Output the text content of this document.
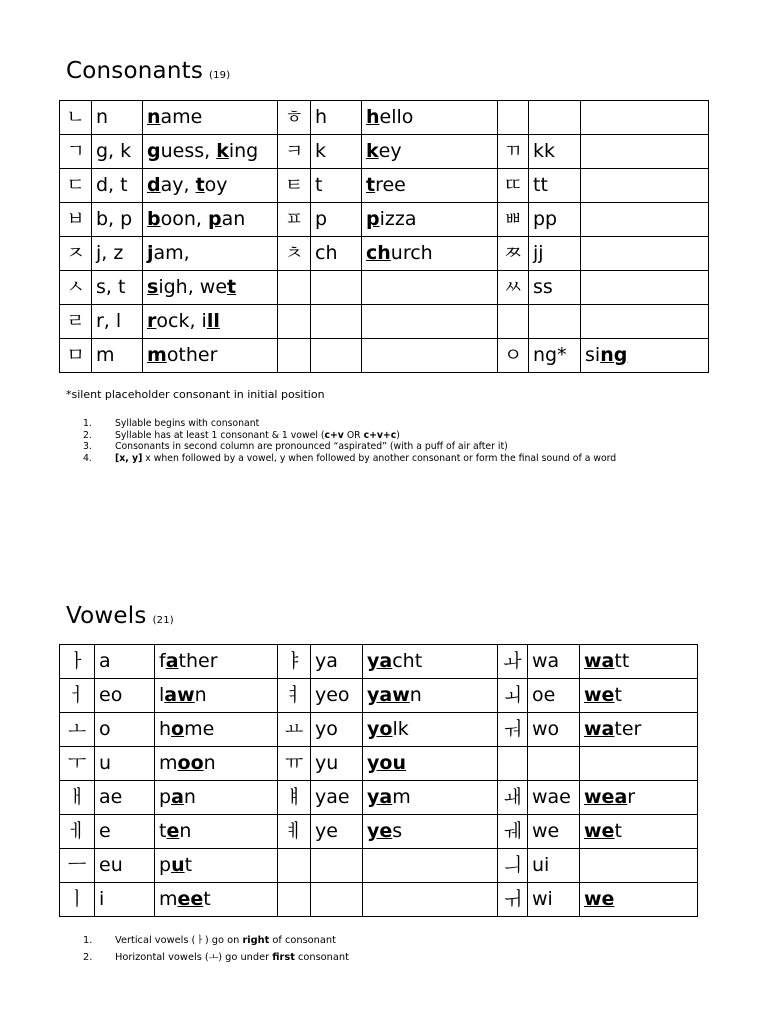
Consonants (19)
ㄴ	n	name	ㅎ	h	hello			
ㄱ	g, k	guess, king	ㅋ	k	key	ㄲ	kk	
ㄷ	d, t	day, toy	ㅌ	t	tree	ㄸ	tt	
ㅂ	b, p	boon, pan	ㅍ	p	pizza	ㅃ	pp	
ㅈ	j, z	jam,	ㅊ	ch	church	ㅉ	jj	
ㅅ	s, t	sigh, wet				ㅆ	ss	
ㄹ	r, l	rock, ill						
ㅁ	m	mother				ㅇ	ng*	sing
*silent placeholder consonant in initial position
1. Syllable begins with consonant
2. Syllable has at least 1 consonant & 1 vowel (c+v OR c+v+c)
3. Consonants in second column are pronounced “aspirated” (with a puff of air after it)
4. [x, y] x when followed by a vowel, y when followed by another consonant or form the final sound of a word
Vowels (21)
ㅏ	a	father	ㅑ	ya	yacht	ㅘ	wa	watt
ㅓ	eo	lawn	ㅕ	yeo	yawn	ㅚ	oe	wet
ㅗ	o	home	ㅛ	yo	yolk	ㅝ	wo	water
ㅜ	u	moon	ㅠ	yu	you			
ㅐ	ae	pan	ㅒ	yae	yam	ㅙ	wae	wear
ㅔ	e	ten	ㅖ	ye	yes	ㅞ	we	wet
ㅡ	eu	put				ㅢ	ui	
ㅣ	i	meet				ㅟ	wi	we
1. Vertical vowels (ㅏ) go on right of consonant
2. Horizontal vowels (ㅗ) go under first consonant
